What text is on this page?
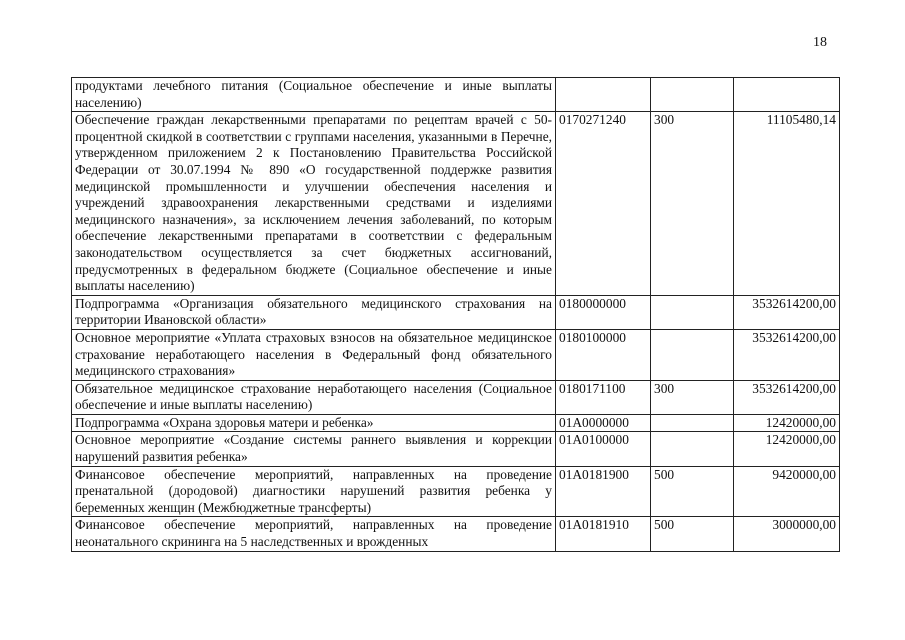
18
продуктами лечебного питания (Социальное обеспечение и иные выплаты населению)			
Обеспечение граждан лекарственными препаратами по рецептам врачей с 50-процентной скидкой в соответствии с группами населения, указанными в Перечне, утвержденном приложением 2 к Постановлению Правительства Российской Федерации от 30.07.1994 № 890 «О государственной поддержке развития медицинской промышленности и улучшении обеспечения населения и учреждений здравоохранения лекарственными средствами и изделиями медицинского назначения», за исключением лечения заболеваний, по которым обеспечение лекарственными препаратами в соответствии с федеральным законодательством осуществляется за счет бюджетных ассигнований, предусмотренных в федеральном бюджете (Социальное обеспечение и иные выплаты населению)	0170271240	300	11105480,14
Подпрограмма «Организация обязательного медицинского страхования на территории Ивановской области»	0180000000		3532614200,00
Основное мероприятие «Уплата страховых взносов на обязательное медицинское страхование неработающего населения в Федеральный фонд обязательного медицинского страхования»	0180100000		3532614200,00
Обязательное медицинское страхование неработающего населения (Социальное обеспечение и иные выплаты населению)	0180171100	300	3532614200,00
Подпрограмма «Охрана здоровья матери и ребенка»	01А0000000		12420000,00
Основное мероприятие «Создание системы раннего выявления и коррекции нарушений развития ребенка»	01А0100000		12420000,00
Финансовое обеспечение мероприятий, направленных на проведение пренатальной (дородовой) диагностики нарушений развития ребенка у беременных женщин (Межбюджетные трансферты)	01А0181900	500	9420000,00
Финансовое обеспечение мероприятий, направленных на проведение неонатального скрининга на 5 наследственных и врожденных	01А0181910	500	3000000,00
